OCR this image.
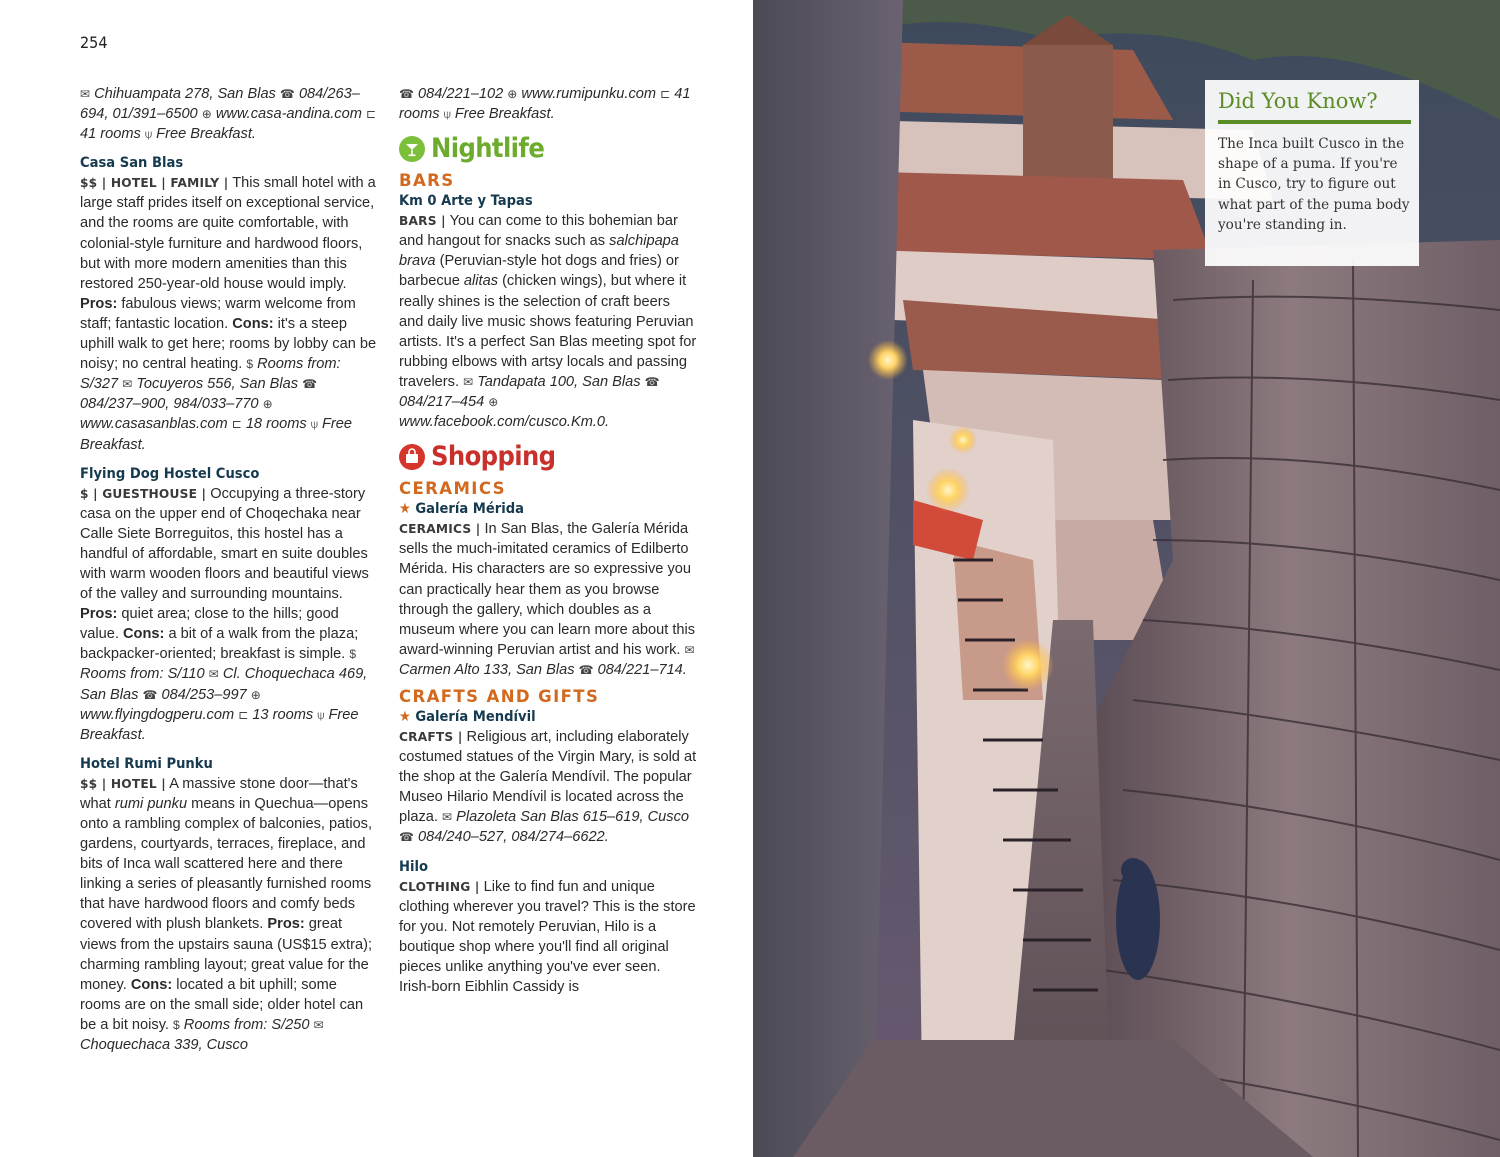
254

✉ Chihuampata 278, San Blas ☎ 084/263–694, 01/391–6500 ⊕ www.casa-andina.com ⊏ 41 rooms ⍦ Free Breakfast.

Casa San Blas

$$ | HOTEL | FAMILY | This small hotel with a large staff prides itself on exceptional service, and the rooms are quite comfortable, with colonial-style furniture and hardwood floors, but with more modern amenities than this restored 250-year-old house would imply. Pros: fabulous views; warm welcome from staff; fantastic location. Cons: it's a steep uphill walk to get here; rooms by lobby can be noisy; no central heating. $ Rooms from: S/327 ✉ Tocuyeros 556, San Blas ☎ 084/237–900, 984/033–770 ⊕ www.casasanblas.com ⊏ 18 rooms ⍦ Free Breakfast.

Flying Dog Hostel Cusco

$ | GUESTHOUSE | Occupying a three-story casa on the upper end of Choqechaka near Calle Siete Borreguitos, this hostel has a handful of affordable, smart en suite doubles with warm wooden floors and beautiful views of the valley and surrounding mountains. Pros: quiet area; close to the hills; good value. Cons: a bit of a walk from the plaza; backpacker-oriented; breakfast is simple. $ Rooms from: S/110 ✉ Cl. Choquechaca 469, San Blas ☎ 084/253–997 ⊕ www.flyingdogperu.com ⊏ 13 rooms ⍦ Free Breakfast.

Hotel Rumi Punku

$$ | HOTEL | A massive stone door—that's what rumi punku means in Quechua—opens onto a rambling complex of balconies, patios, gardens, courtyards, terraces, fireplace, and bits of Inca wall scattered here and there linking a series of pleasantly furnished rooms that have hardwood floors and comfy beds covered with plush blankets. Pros: great views from the upstairs sauna (US$15 extra); charming rambling layout; great value for the money. Cons: located a bit uphill; some rooms are on the small side; older hotel can be a bit noisy. $ Rooms from: S/250 ✉ Choquechaca 339, Cusco

☎ 084/221–102 ⊕ www.rumipunku.com ⊏ 41 rooms ⍦ Free Breakfast.

Nightlife
BARS
Km 0 Arte y Tapas

BARS | You can come to this bohemian bar and hangout for snacks such as salchipapa brava (Peruvian-style hot dogs and fries) or barbecue alitas (chicken wings), but where it really shines is the selection of craft beers and daily live music shows featuring Peruvian artists. It's a perfect San Blas meeting spot for rubbing elbows with artsy locals and passing travelers. ✉ Tandapata 100, San Blas ☎ 084/217–454 ⊕ www.facebook.com/cusco.Km.0.

Shopping
CERAMICS
★ Galería Mérida

CERAMICS | In San Blas, the Galería Mérida sells the much-imitated ceramics of Edilberto Mérida. His characters are so expressive you can practically hear them as you browse through the gallery, which doubles as a museum where you can learn more about this award-winning Peruvian artist and his work. ✉ Carmen Alto 133, San Blas ☎ 084/221–714.

CRAFTS AND GIFTS
★ Galería Mendívil

CRAFTS | Religious art, including elaborately costumed statues of the Virgin Mary, is sold at the shop at the Galería Mendívil. The popular Museo Hilario Mendívil is located across the plaza. ✉ Plazoleta San Blas 615–619, Cusco ☎ 084/240–527, 084/274–6622.

Hilo

CLOTHING | Like to find fun and unique clothing wherever you travel? This is the store for you. Not remotely Peruvian, Hilo is a boutique shop where you'll find all original pieces unlike anything you've ever seen. Irish-born Eibhlin Cassidy is

Did You Know?

The Inca built Cusco in the shape of a puma. If you're in Cusco, try to figure out what part of the puma body you're standing in.
